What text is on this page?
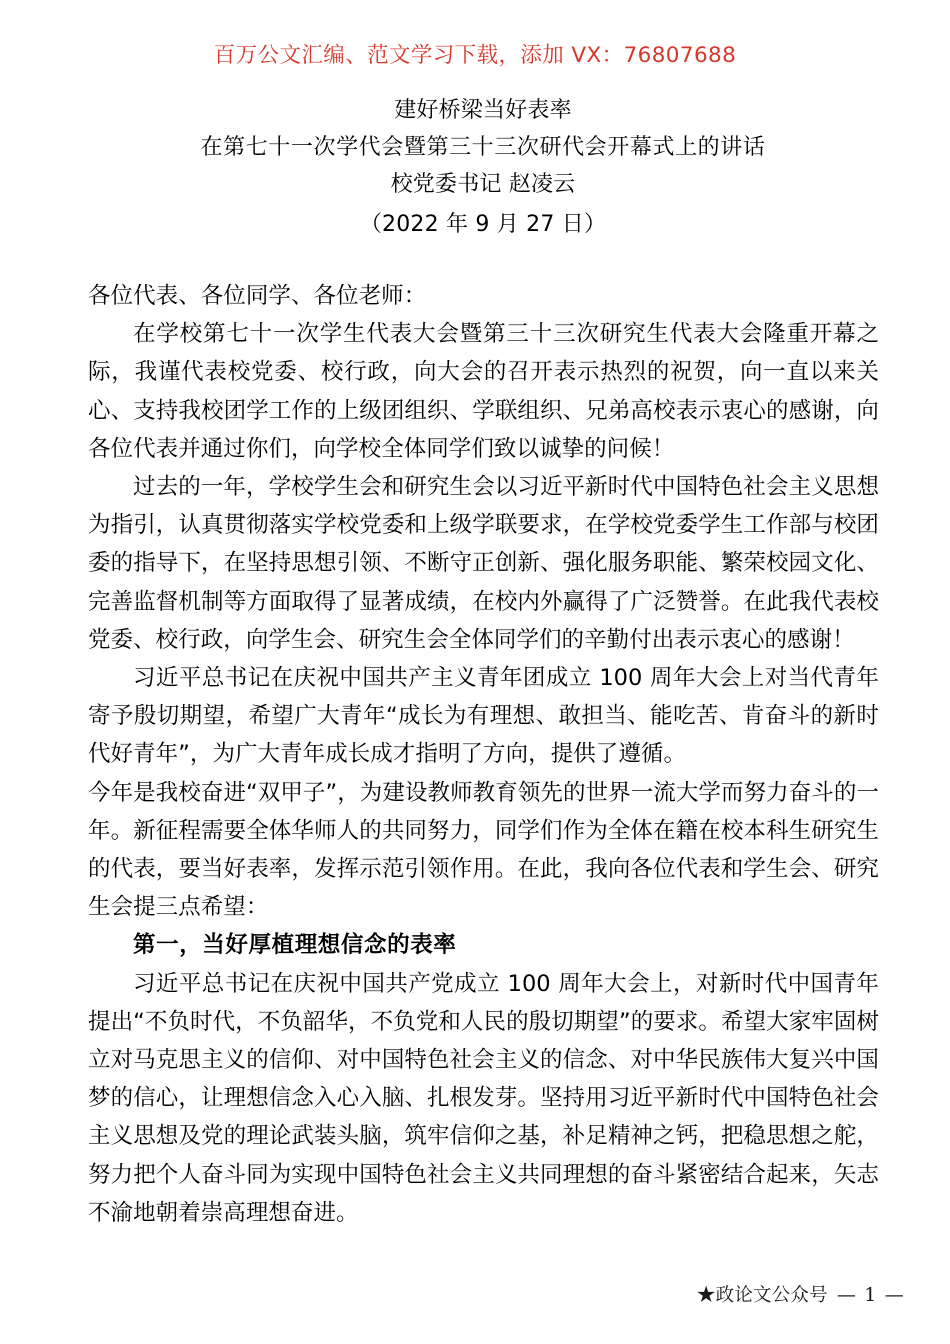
百万公文汇编、范文学习下载，添加 VX：76807688
建好桥梁当好表率
在第七十一次学代会暨第三十三次研代会开幕式上的讲话
校党委书记 赵凌云
（2022 年 9 月 27 日）

各位代表、各位同学、各位老师：

在学校第七十一次学生代表大会暨第三十三次研究生代表大会隆重开幕之际，我谨代表校党委、校行政，向大会的召开表示热烈的祝贺，向一直以来关心、支持我校团学工作的上级团组织、学联组织、兄弟高校表示衷心的感谢，向各位代表并通过你们，向学校全体同学们致以诚挚的问候！

过去的一年，学校学生会和研究生会以习近平新时代中国特色社会主义思想为指引，认真贯彻落实学校党委和上级学联要求，在学校党委学生工作部与校团委的指导下，在坚持思想引领、不断守正创新、强化服务职能、繁荣校园文化、完善监督机制等方面取得了显著成绩，在校内外赢得了广泛赞誉。在此我代表校党委、校行政，向学生会、研究生会全体同学们的辛勤付出表示衷心的感谢！

习近平总书记在庆祝中国共产主义青年团成立 100 周年大会上对当代青年寄予殷切期望，希望广大青年“成长为有理想、敢担当、能吃苦、肯奋斗的新时代好青年”，为广大青年成长成才指明了方向，提供了遵循。

今年是我校奋进“双甲子”，为建设教师教育领先的世界一流大学而努力奋斗的一年。新征程需要全体华师人的共同努力，同学们作为全体在籍在校本科生研究生的代表，要当好表率，发挥示范引领作用。在此，我向各位代表和学生会、研究生会提三点希望：

第一，当好厚植理想信念的表率

习近平总书记在庆祝中国共产党成立 100 周年大会上，对新时代中国青年提出“不负时代，不负韶华，不负党和人民的殷切期望”的要求。希望大家牢固树立对马克思主义的信仰、对中国特色社会主义的信念、对中华民族伟大复兴中国梦的信心，让理想信念入心入脑、扎根发芽。坚持用习近平新时代中国特色社会主义思想及党的理论武装头脑，筑牢信仰之基，补足精神之钙，把稳思想之舵，努力把个人奋斗同为实现中国特色社会主义共同理想的奋斗紧密结合起来，矢志不渝地朝着崇高理想奋进。

★政论文公众号 — 1 —
